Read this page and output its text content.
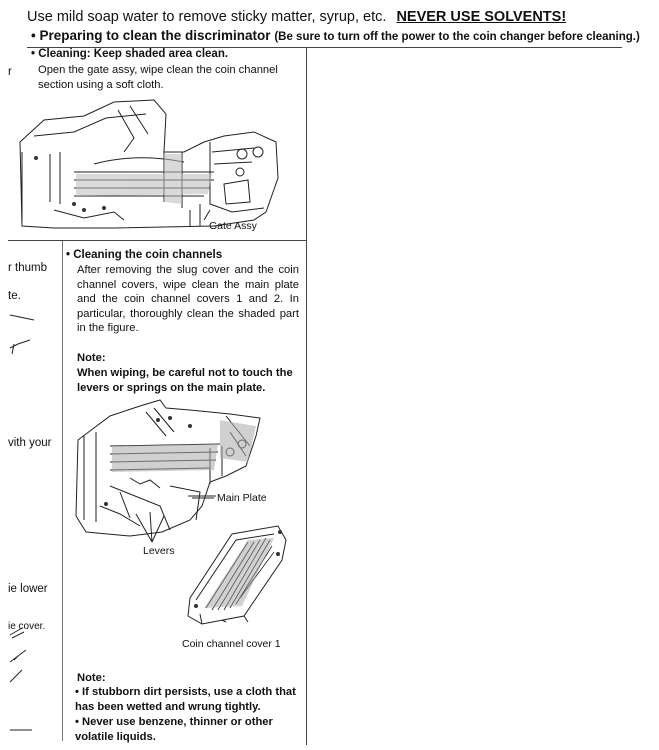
Use mild soap water to remove sticky matter, syrup, etc. NEVER USE SOLVENTS!
• Preparing to clean the discriminator (Be sure to turn off the power to the coin changer before cleaning.)
r
r thumb
te.
vith your
ie lower
ie cover.
• Cleaning: Keep shaded area clean.
Open the gate assy, wipe clean the coin channel section using a soft cloth.
Gate Assy
• Cleaning the coin channels
After removing the slug cover and the coin channel covers, wipe clean the main plate and the coin channel covers 1 and 2. In particular, thoroughly clean the shaded part in the figure.
Note:
When wiping, be careful not to touch the levers or springs on the main plate.
Main Plate
Levers
Coin channel cover 1
Note:
• If stubborn dirt persists, use a cloth that has been wetted and wrung tightly.
• Never use benzene, thinner or other volatile liquids.
